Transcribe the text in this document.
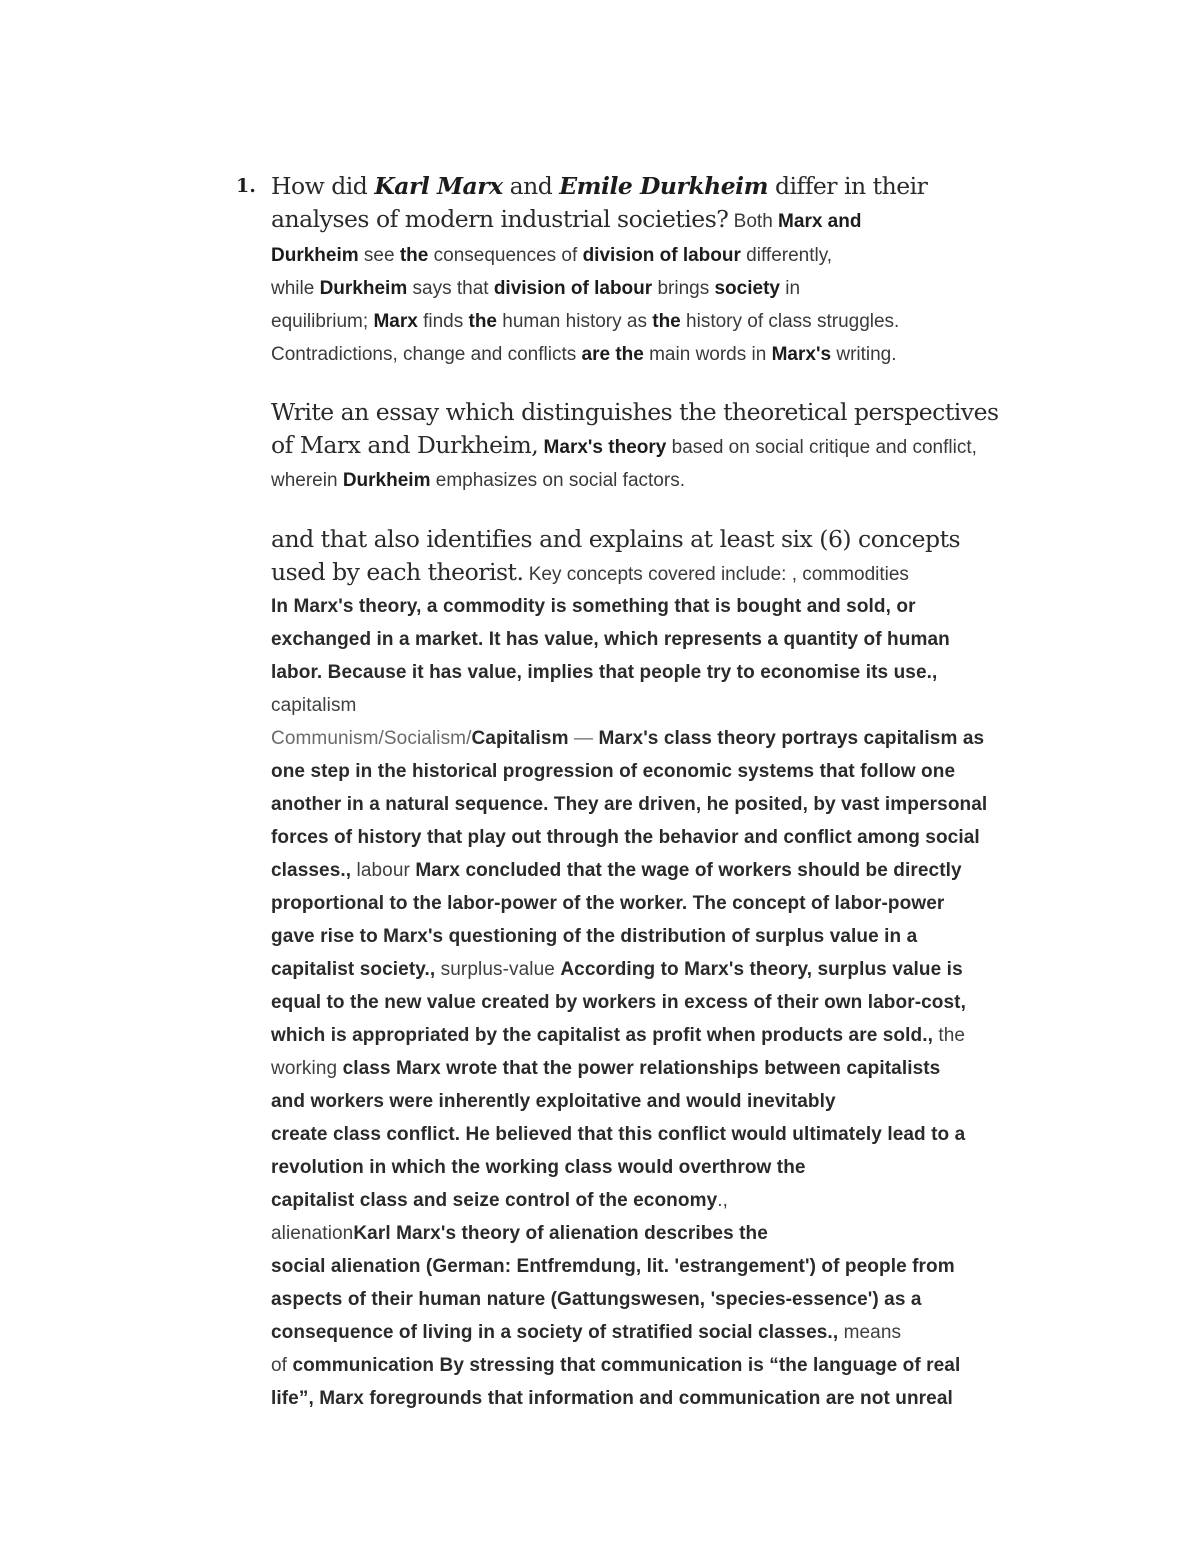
1. How did Karl Marx and Emile Durkheim differ in their
analyses of modern industrial societies? Both Marx and
Durkheim see the consequences of division of labour differently,
while Durkheim says that division of labour brings society in
equilibrium; Marx finds the human history as the history of class struggles.
Contradictions, change and conflicts are the main words in Marx's writing.
Write an essay which distinguishes the theoretical perspectives
of Marx and Durkheim, Marx's theory based on social critique and conflict,
wherein Durkheim emphasizes on social factors.
and that also identifies and explains at least six (6) concepts
used by each theorist. Key concepts covered include: , commodities
In Marx's theory, a commodity is something that is bought and sold, or
exchanged in a market. It has value, which represents a quantity of human
labor. Because it has value, implies that people try to economise its use.,
capitalism
Communism/Socialism/Capitalism — Marx's class theory portrays capitalism as
one step in the historical progression of economic systems that follow one
another in a natural sequence. They are driven, he posited, by vast impersonal
forces of history that play out through the behavior and conflict among social
classes., labour Marx concluded that the wage of workers should be directly
proportional to the labor-power of the worker. The concept of labor-power
gave rise to Marx's questioning of the distribution of surplus value in a
capitalist society., surplus-value According to Marx's theory, surplus value is
equal to the new value created by workers in excess of their own labor-cost,
which is appropriated by the capitalist as profit when products are sold., the
working class Marx wrote that the power relationships between capitalists
and workers were inherently exploitative and would inevitably
create class conflict. He believed that this conflict would ultimately lead to a
revolution in which the working class would overthrow the
capitalist class and seize control of the economy.,
alienationKarl Marx's theory of alienation describes the
social alienation (German: Entfremdung, lit. 'estrangement') of people from
aspects of their human nature (Gattungswesen, 'species-essence') as a
consequence of living in a society of stratified social classes., means
of communication By stressing that communication is “the language of real
life”, Marx foregrounds that information and communication are not unreal
